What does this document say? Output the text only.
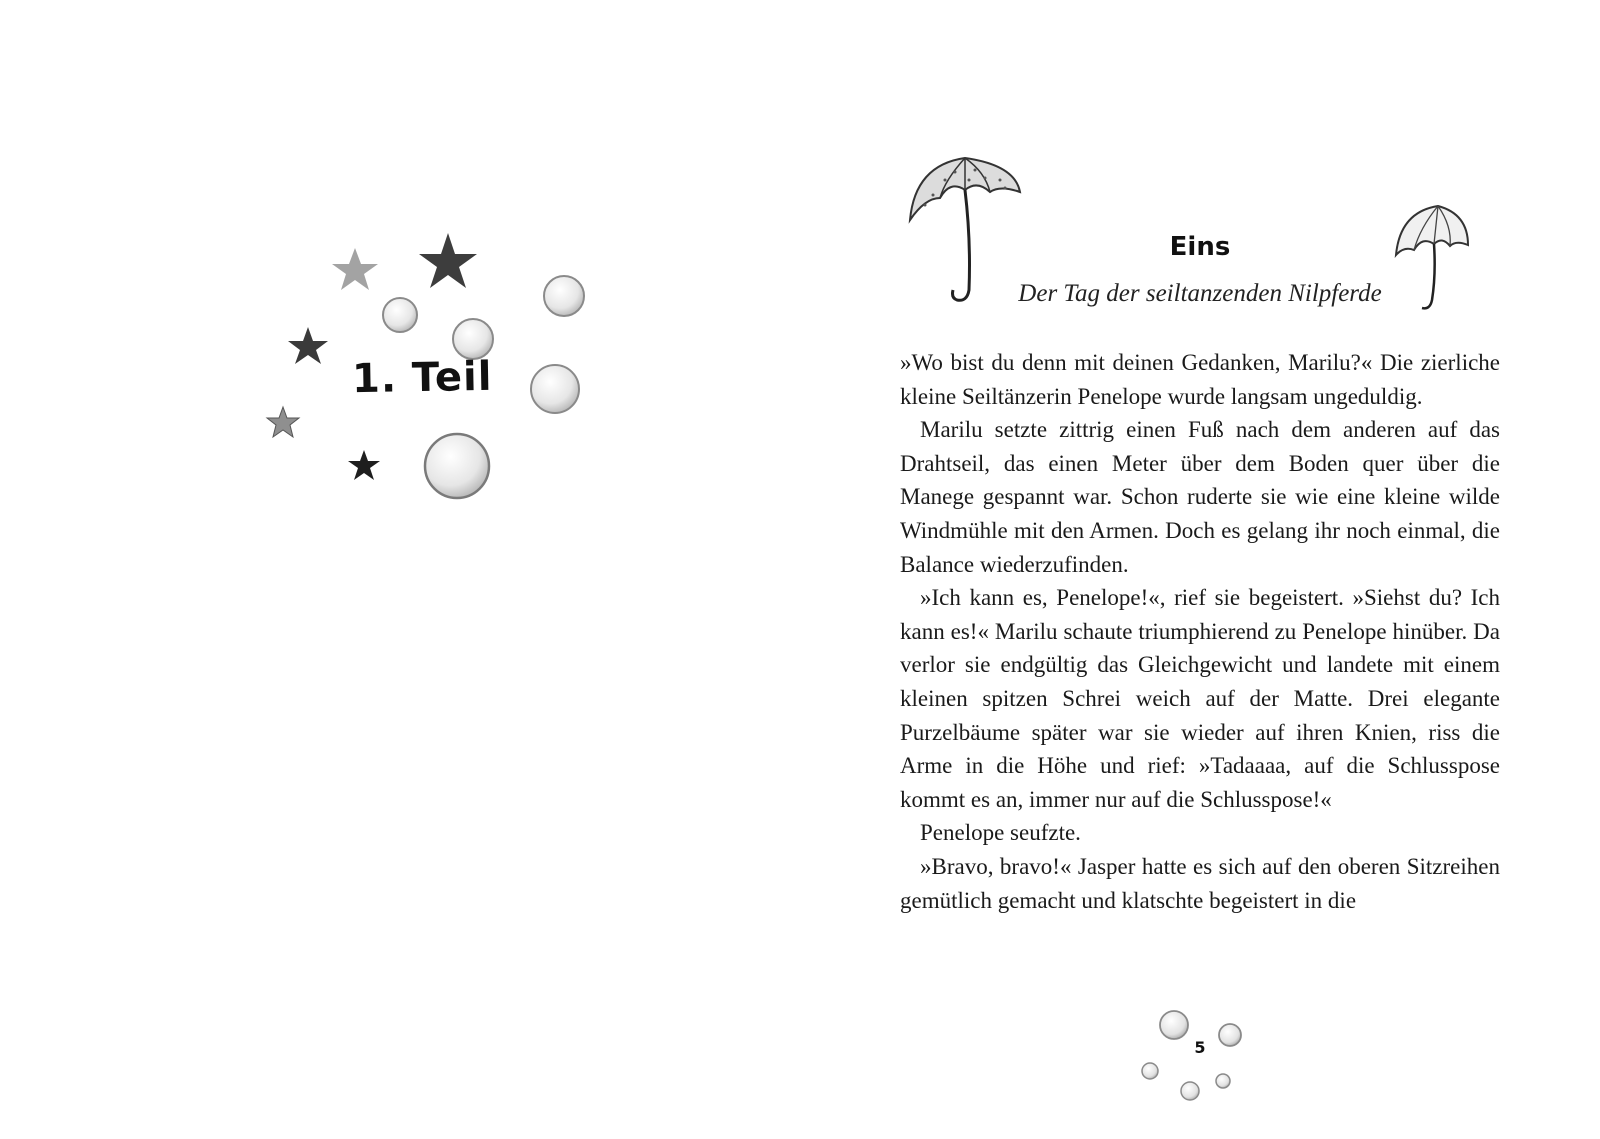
1. Teil
Eins
Der Tag der seiltanzenden Nilpferde

»Wo bist du denn mit deinen Gedanken, Marilu?« Die zierliche kleine Seiltänzerin Penelope wurde langsam ungeduldig.

Marilu setzte zittrig einen Fuß nach dem anderen auf das Drahtseil, das einen Meter über dem Boden quer über die Manege gespannt war. Schon ruderte sie wie eine kleine wilde Windmühle mit den Armen. Doch es gelang ihr noch einmal, die Balance wiederzufinden.

»Ich kann es, Penelope!«, rief sie begeistert. »Siehst du? Ich kann es!« Marilu schaute triumphierend zu Penelope hinüber. Da verlor sie endgültig das Gleichgewicht und landete mit einem kleinen spitzen Schrei weich auf der Matte. Drei elegante Purzelbäume später war sie wieder auf ihren Knien, riss die Arme in die Höhe und rief: »Tadaaaa, auf die Schlusspose kommt es an, immer nur auf die Schlusspose!«

Penelope seufzte.

»Bravo, bravo!« Jasper hatte es sich auf den oberen Sitzreihen gemütlich gemacht und klatschte begeistert in die

5
